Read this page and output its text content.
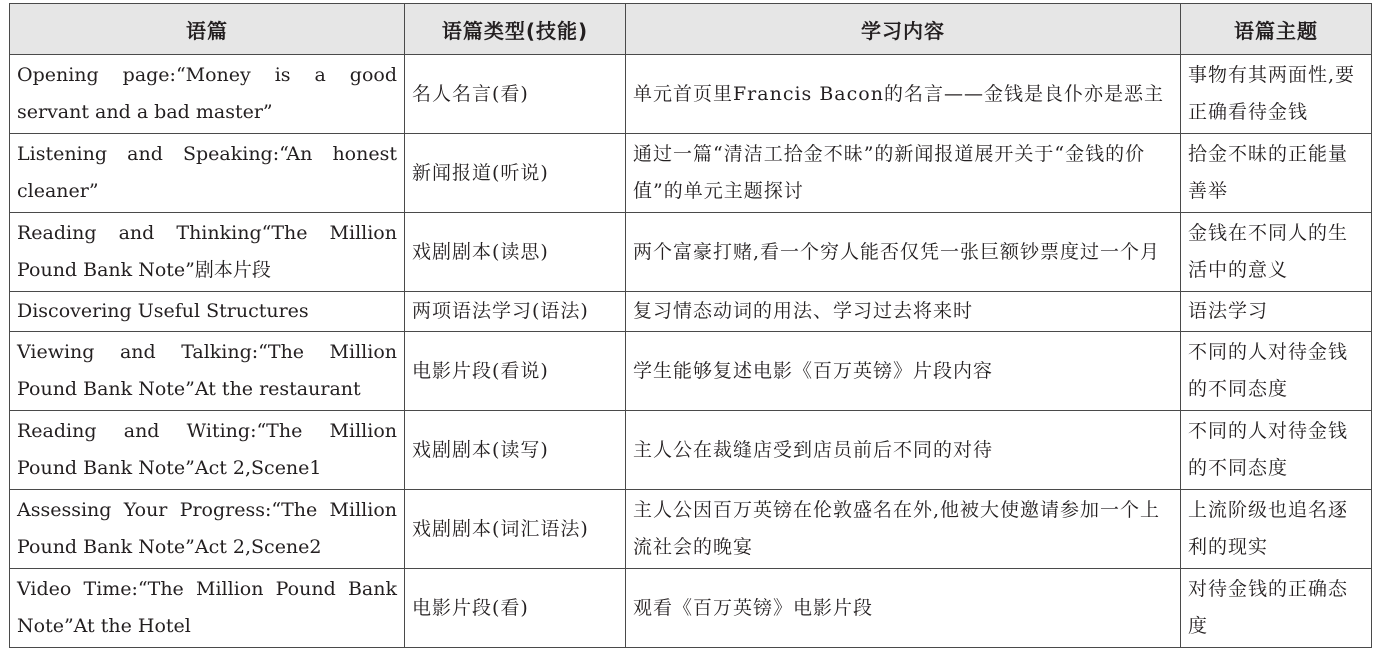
语篇	语篇类型(技能)	学习内容	语篇主题
Opening page:“Money is a good servant and a bad master”	名人名言(看)	单元首页里Francis Bacon的名言——金钱是良仆亦是恶主	事物有其两面性,要正确看待金钱
Listening and Speaking:“An honest cleaner”	新闻报道(听说)	通过一篇“清洁工拾金不昧”的新闻报道展开关于“金钱的价值”的单元主题探讨	拾金不昧的正能量善举
Reading and Thinking“The Million Pound Bank Note”剧本片段	戏剧剧本(读思)	两个富豪打赌,看一个穷人能否仅凭一张巨额钞票度过一个月	金钱在不同人的生活中的意义
Discovering Useful Structures	两项语法学习(语法)	复习情态动词的用法、学习过去将来时	语法学习
Viewing and Talking:“The Million Pound Bank Note”At the restaurant	电影片段(看说)	学生能够复述电影《百万英镑》片段内容	不同的人对待金钱的不同态度
Reading and Witing:“The Million Pound Bank Note”Act 2,Scene1	戏剧剧本(读写)	主人公在裁缝店受到店员前后不同的对待	不同的人对待金钱的不同态度
Assessing Your Progress:“The Million Pound Bank Note”Act 2,Scene2	戏剧剧本(词汇语法)	主人公因百万英镑在伦敦盛名在外,他被大使邀请参加一个上流社会的晚宴	上流阶级也追名逐利的现实
Video Time:“The Million Pound Bank Note”At the Hotel	电影片段(看)	观看《百万英镑》电影片段	对待金钱的正确态度
